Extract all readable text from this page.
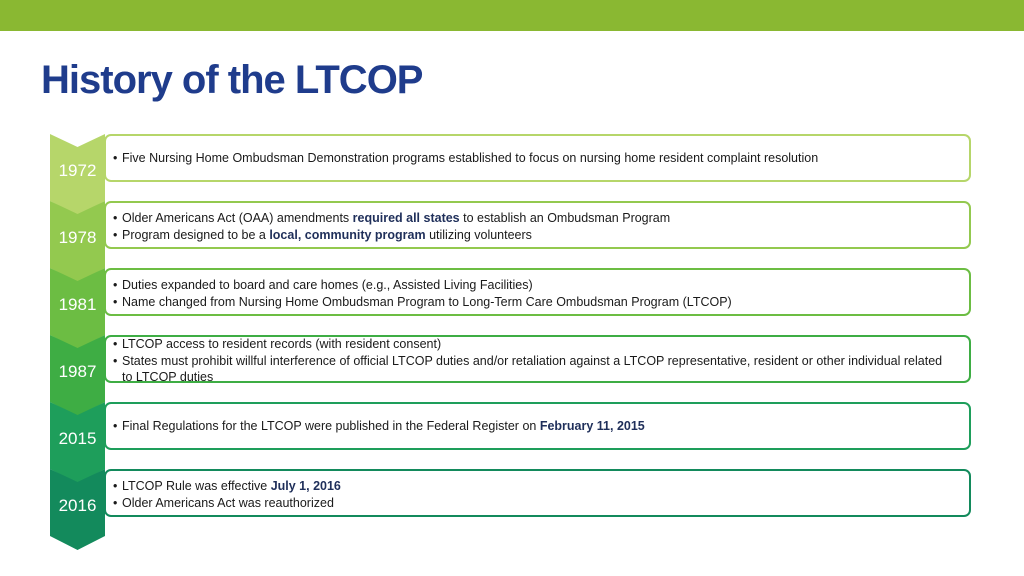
History of the LTCOP
1972
• Five Nursing Home Ombudsman Demonstration programs established to focus on nursing home resident complaint resolution
1978
• Older Americans Act (OAA) amendments required all states to establish an Ombudsman Program
• Program designed to be a local, community program utilizing volunteers
1981
• Duties expanded to board and care homes (e.g., Assisted Living Facilities)
• Name changed from Nursing Home Ombudsman Program to Long-Term Care Ombudsman Program (LTCOP)
1987
• LTCOP access to resident records (with resident consent)
• States must prohibit willful interference of official LTCOP duties and/or retaliation against a LTCOP representative, resident or other individual related to LTCOP duties
2015
• Final Regulations for the LTCOP were published in the Federal Register on February 11, 2015
2016
• LTCOP Rule was effective July 1, 2016
• Older Americans Act was reauthorized
